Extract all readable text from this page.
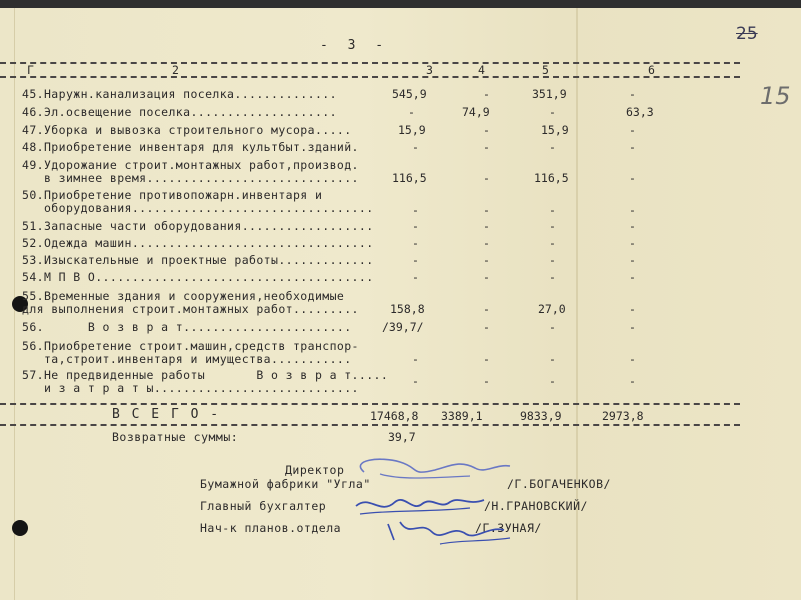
- 3 -
25
15
Г	2	3	4	5	6
45.Наружн.канализация поселка..............	545,9	-	351,9	-
46.Эл.освещение поселка....................	-	74,9	-	63,3
47.Уборка и вывозка строительного мусора.....	15,9	-	15,9	-
48.Приобретение инвентаря для культбыт.зданий.	-	-	-	-
49.Удорожание строит.монтажных работ,производ.
в зимнее время.............................	116,5	-	116,5	-
50.Приобретение противопожарн.инвентаря и
оборудования.................................	-	-	-	-
51.Запасные части оборудования..................	-	-	-	-
52.Одежда машин.................................	-	-	-	-
53.Изыскательные и проектные работы.............	-	-	-	-
54.М П В О......................................	-	-	-	-
55.Временные здания и сооружения,необходимые
для выполнения строит.монтажных работ.........	158,8	-	27,0	-
56.      В о з в р а т.......................	/39,7/	-	-	-
56.Приобретение строит.машин,средств транспор-
та,строит.инвентаря и имущества...........	-	-	-	-
57.Не предвиденные работы       В о з в р а т.....
и з а т р а т ы............................	-	-	-	-
В С Е Г О -	17468,8 3389,1	9833,9	2973,8
Возвратные суммы:	39,7
Директор
Бумажной фабрики "Угла"	/Г.БОГАЧЕНКОВ/
Главный бухгалтер	/Н.ГРАНОВСКИЙ/
Нач-к планов.отдела	/Г.ЗУНАЯ/
